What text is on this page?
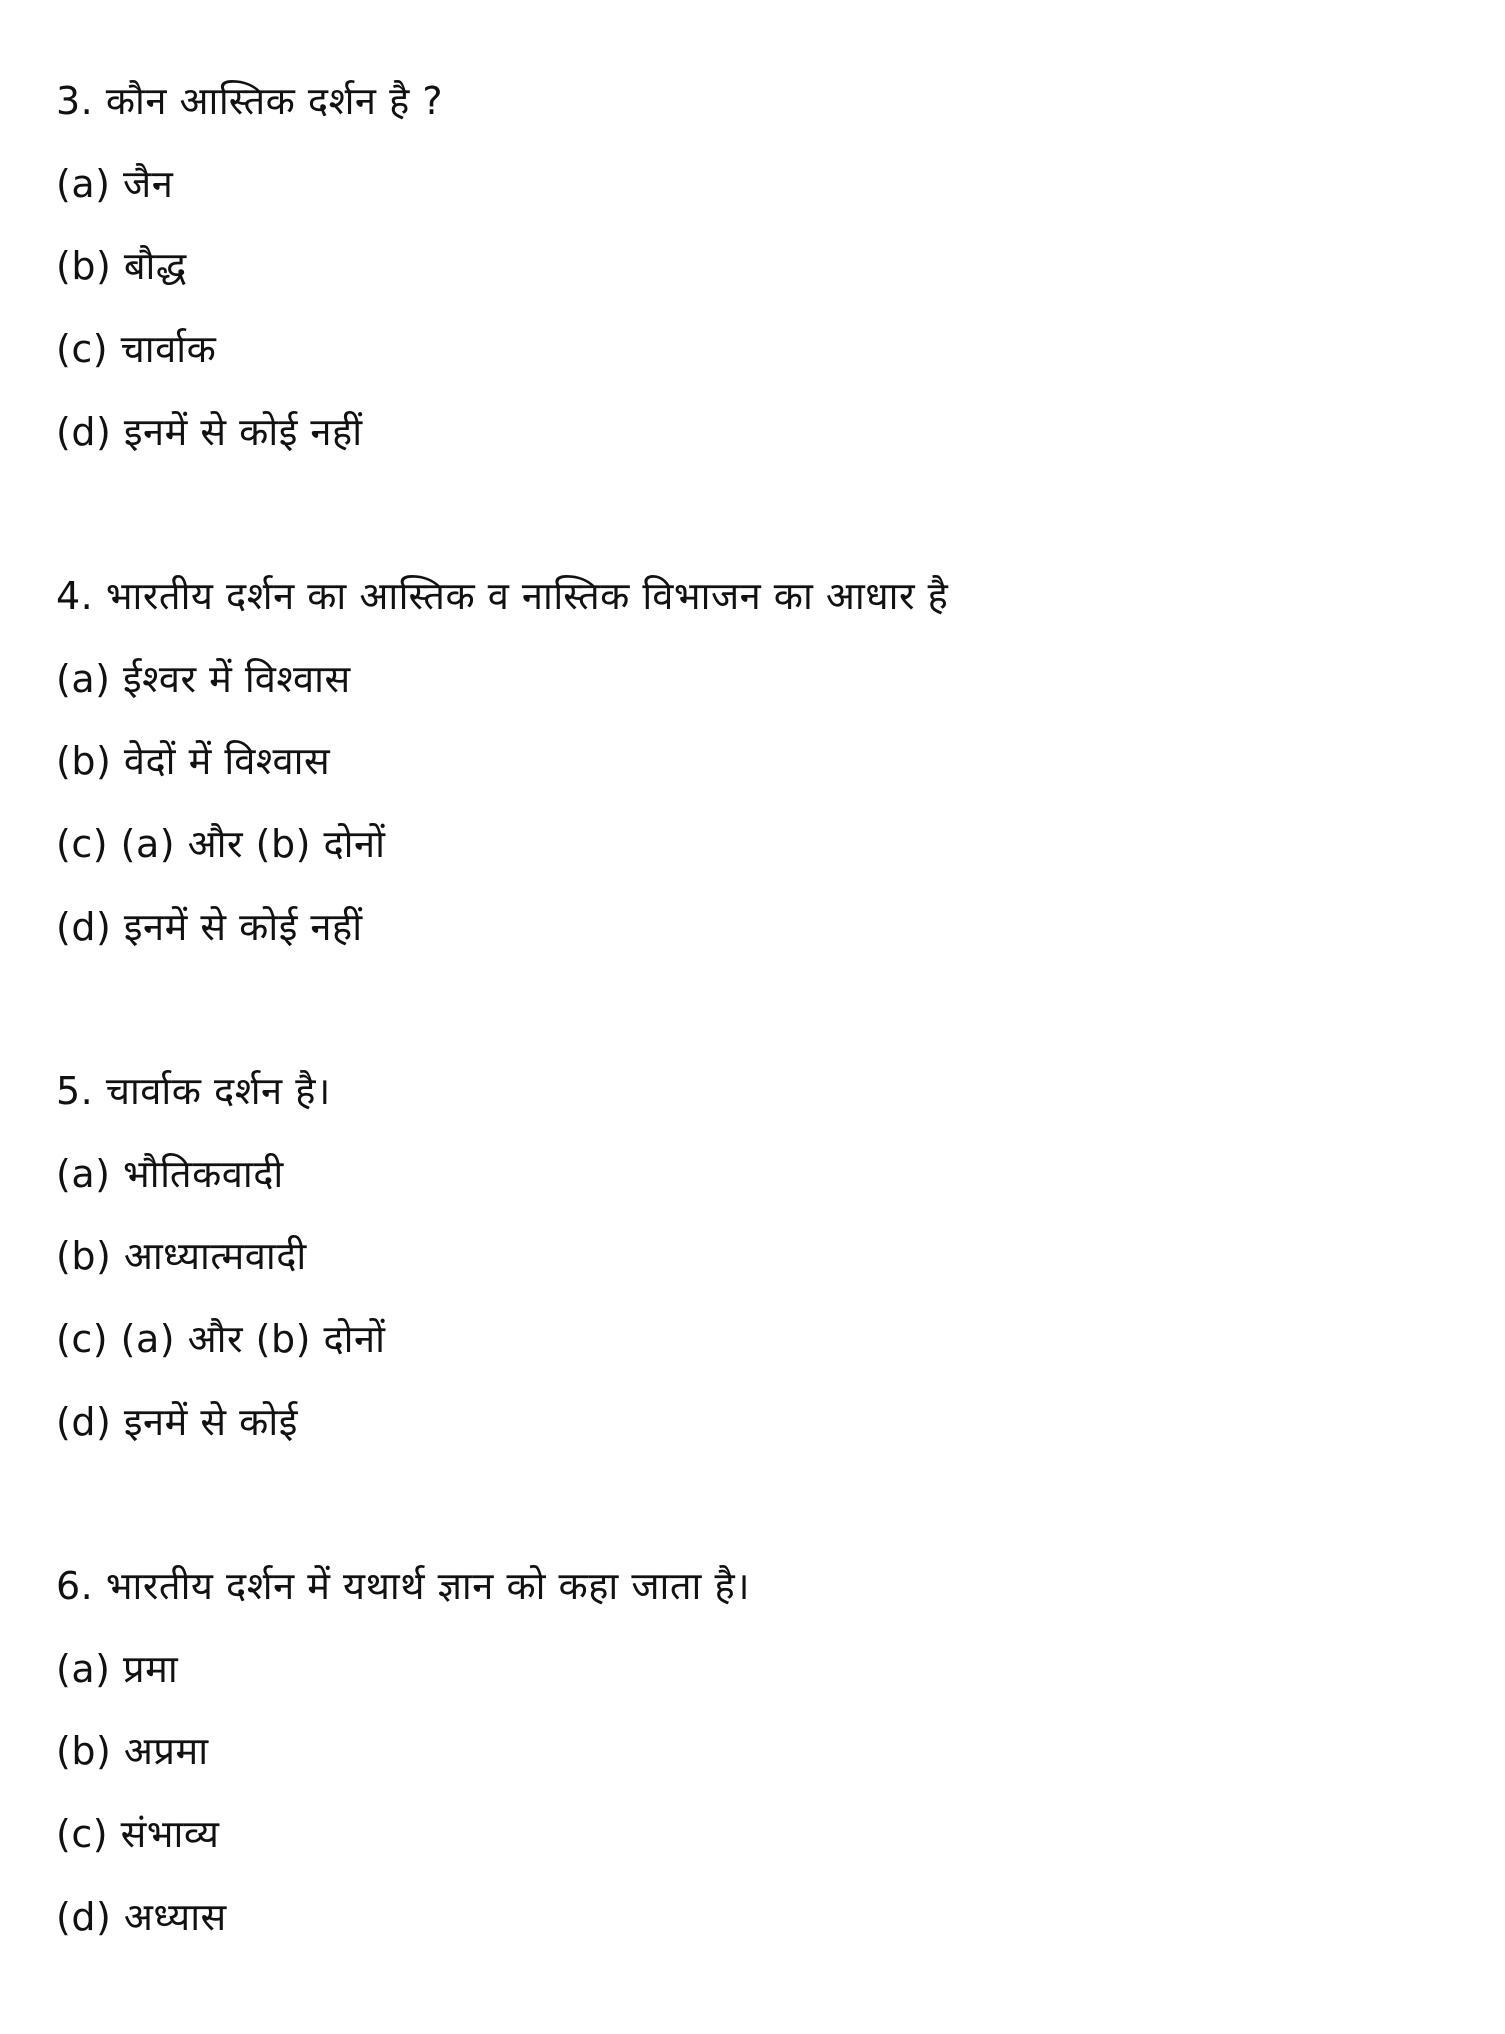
3. कौन आस्तिक दर्शन है ?
(a) जैन
(b) बौद्ध
(c) चार्वाक
(d) इनमें से कोई नहीं
4. भारतीय दर्शन का आस्तिक व नास्तिक विभाजन का आधार है
(a) ईश्वर में विश्वास
(b) वेदों में विश्वास
(c) (a) और (b) दोनों
(d) इनमें से कोई नहीं
5. चार्वाक दर्शन है।
(a) भौतिकवादी
(b) आध्यात्मवादी
(c) (a) और (b) दोनों
(d) इनमें से कोई
6. भारतीय दर्शन में यथार्थ ज्ञान को कहा जाता है।
(a) प्रमा
(b) अप्रमा
(c) संभाव्य
(d) अध्यास
